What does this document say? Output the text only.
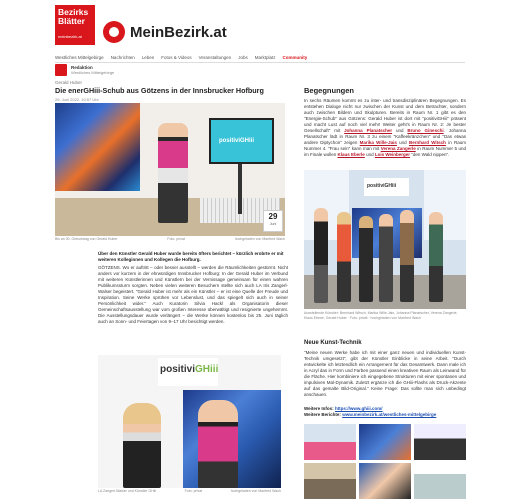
Bezirks
Blätter
meinbezirk.at	MeinBezirk.at
Westliches Mittelgebirge Nachrichten Leben Fotos & Videos Veranstaltungen Jobs Marktplatz Community
Redaktion
Westliches Mittelgebirge
Gerald Huber
Die enerGHiii-Schub aus Götzens in der Innsbrucker Hofburg
29. Juni 2022, 10:57 Uhr
positiviGHiii
29
Juni
Bis an 30. Geburtstag von Gerald Huber	Foto: privat	hochgeladen von Manfred Wach

Über den Künstler Gerald Huber wurde bereits öfters berichtet – kürzlich erobrte er mit weiteren Kolleginnen und Kollegen die Hofburg.

GÖTZENS. Wo er auftritt – oder besser ausstellt – werden die Räumlichkeiten gestürmt. Nicht anders vor kurzem in der ehrwürdigen Innsbrucker Hofburg: In der Gerald Huber im Verbund mit weiteren Künstlerinnen und Künstlern bei der Vernissage gemeinsam für einen wahren Publikumssturm sorgten. Neben vielen weiteren Besuchern stellte sich auch LA Iris Zangerl-Walser begeistert. "Gerald Huber ist mehr als ein Künstler – er ist eine Quelle der Freude und Inspiration. Seine Werke sprühen vor Lebenslust, und das spiegelt sich auch in seiner Persönlichkeit wider." Auch Kuratorin Silvia Hackl als Organisatorin dieser Gemeinschaftsausstellung war vom großen Interesse überwältigt und resignierte ungehemmt. Die Ausstellungsdauer wurde verlängert – die Werke können kostenlos bis 25. Juni täglich auch an Sonn- und Feiertagen von 9–17 Uhr besichtigt werden.

positiviGHiii
LA Zangerl-Walser und Künstler GHiii	Foto: privat	hochgeladen von Manfred Wach
Begegnungen

In sechs Räumen kommt es zu inter- und transdisziplinären Begegnungen. Es entstehen Dialoge nicht nur zwischen der Kunst und dem Betrachter, sondern auch zwischen Bildern und Skulpturen. Bereits in Raum Nr. 1 gibt es den "Energie-Schub" aus Götzens: Gerald Huber ist dort mit "positiviGHiii" präsent und macht Lust auf noch viel mehr! Weiter geht's in Raum Nr. 2: Je bester Gesellschaft" mit Johanna Planatscher und Bruno Gineschi. Johanna Planatscher lädt in Raum Nr. 3 zu einem "Kaffeekränzchen" und "Das etwas andere Diptychon" zeigen Marika Wille-Jais und Bernhard Witsch in Raum Nummer 4. "Frau sein" kann man mit Verena Zangerle in Raum Nummer 5 und im Finale wollen Klaus Eberle und Lois Weinberger "den Wald nippen".

positiviGHiii
Ausstellende Künstler: Bernhard Witsch, Marika Wille-Jais, Johanna Planatscher, Verena Zangerle, Klaus Eberle, Gerald Huber · Foto: privat · hochgeladen von Manfred Wach
Neue Kunst-Technik

"Meine neuen Werke habe ich mit einer ganz neuen und individuellen Kunst-Technik umgesetzt", gibt der Künstler Einblicke in seine Arbeit. "Durch entwickelte ich letztendlich ein Arrangement für das Gesamtwerk. Dann male ich in Acryl das in Form und Farben passend einen kreativen Raum als Leinwand für die Fläche. Hier kombiniere ich eingegebene Strukturen mit einer spontanen und impulsiven Mal-Dynamik. Zuletzt ergänze ich die GHiii-Flashs als Druck-Akzente auf das gemalte Bild-Original." Keine Frage: Das sollte man sich unbedingt anschauen.

Weitere Infos: https://www.ghiii.com/
Weitere Berichte: www.meinbezirk.at/westliches-mittelgebirge
